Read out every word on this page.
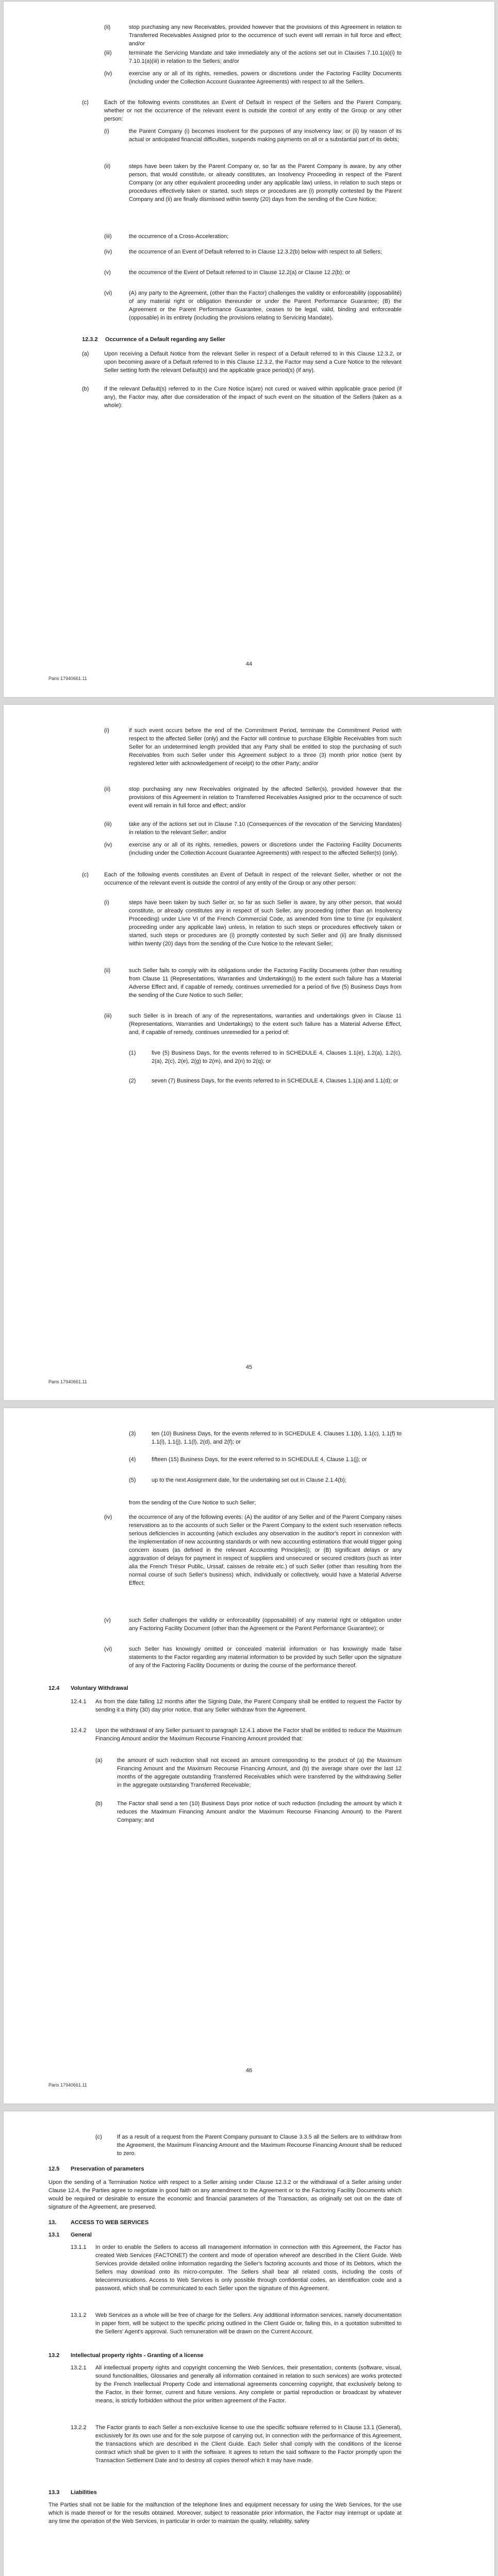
(ii)	stop purchasing any new Receivables, provided however that the provisions of this Agreement in relation to Transferred Receivables Assigned prior to the occurrence of such event will remain in full force and effect; and/or
(iii)	terminate the Servicing Mandate and take immediately any of the actions set out in Clauses 7.10.1(a)(i) to 7.10.1(a)(iii) in relation to the Sellers; and/or
(iv)	exercise any or all of its rights, remedies, powers or discretions under the Factoring Facility Documents (including under the Collection Account Guarantee Agreements) with respect to all the Sellers.
(c)	Each of the following events constitutes an Event of Default in respect of the Sellers and the Parent Company, whether or not the occurrence of the relevant event is outside the control of any entity of the Group or any other person:
(i)	the Parent Company (i) becomes insolvent for the purposes of any insolvency law; or (ii) by reason of its actual or anticipated financial difficulties, suspends making payments on all or a substantial part of its debts;
(ii)	steps have been taken by the Parent Company or, so far as the Parent Company is aware, by any other person, that would constitute, or already constitutes, an Insolvency Proceeding in respect of the Parent Company (or any other equivalent proceeding under any applicable law) unless, in relation to such steps or procedures effectively taken or started, such steps or procedures are (i) promptly contested by the Parent Company and (ii) are finally dismissed within twenty (20) days from the sending of the Cure Notice;
(iii)	the occurrence of a Cross-Acceleration;
(iv)	the occurrence of an Event of Default referred to in Clause 12.3.2(b) below with respect to all Sellers;
(v)	the occurrence of the Event of Default referred to in Clause 12.2(a) or Clause 12.2(b); or
(vi)	(A) any party to the Agreement, (other than the Factor) challenges the validity or enforceability (opposabilité) of any material right or obligation thereunder or under the Parent Performance Guarantee; (B) the Agreement or the Parent Performance Guarantee, ceases to be legal, valid, binding and enforceable (opposable) in its entirety (including the provisions relating to Servicing Mandate).
12.3.2 Occurrence of a Default regarding any Seller
(a)	Upon receiving a Default Notice from the relevant Seller in respect of a Default referred to in this Clause 12.3.2, or upon becoming aware of a Default referred to in this Clause 12.3.2, the Factor may send a Cure Notice to the relevant Seller setting forth the relevant Default(s) and the applicable grace period(s) (if any).
(b)	If the relevant Default(s) referred to in the Cure Notice is(are) not cured or waived within applicable grace period (if any), the Factor may, after due consideration of the impact of such event on the situation of the Sellers (taken as a whole):
44
Paris 17940661.11
(i)	if such event occurs before the end of the Commitment Period, terminate the Commitment Period with respect to the affected Seller (only) and the Factor will continue to purchase Eligible Receivables from such Seller for an undetermined length provided that any Party shall be entitled to stop the purchasing of such Receivables from such Seller under this Agreement subject to a three (3) month prior notice (sent by registered letter with acknowledgement of receipt) to the other Party; and/or
(ii)	stop purchasing any new Receivables originated by the affected Seller(s), provided however that the provisions of this Agreement in relation to Transferred Receivables Assigned prior to the occurrence of such event will remain in full force and effect; and/or
(iii)	take any of the actions set out in Clause 7.10 (Consequences of the revocation of the Servicing Mandates) in relation to the relevant Seller; and/or
(iv)	exercise any or all of its rights, remedies, powers or discretions under the Factoring Facility Documents (including under the Collection Account Guarantee Agreements) with respect to the affected Seller(s) (only).
(c)	Each of the following events constitutes an Event of Default in respect of the relevant Seller, whether or not the occurrence of the relevant event is outside the control of any entity of the Group or any other person:
(i)	steps have been taken by such Seller or, so far as such Seller is aware, by any other person, that would constitute, or already constitutes any in respect of such Seller, any proceeding (other than an Insolvency Proceeding) under Livre VI of the French Commercial Code, as amended from time to time (or equivalent proceeding under any applicable law) unless, in relation to such steps or procedures effectively taken or started, such steps or procedures are (i) promptly contested by such Seller and (ii) are finally dismissed within twenty (20) days from the sending of the Cure Notice to the relevant Seller;
(ii)	such Seller fails to comply with its obligations under the Factoring Facility Documents (other than resulting from Clause 11 (Representations, Warranties and Undertakings)) to the extent such failure has a Material Adverse Effect and, if capable of remedy, continues unremedied for a period of five (5) Business Days from the sending of the Cure Notice to such Seller;
(iii)	such Seller is in breach of any of the representations, warranties and undertakings given in Clause 11 (Representations, Warranties and Undertakings) to the extent such failure has a Material Adverse Effect, and, if capable of remedy, continues unremedied for a period of:
(1)	five (5) Business Days, for the events referred to in SCHEDULE 4, Clauses 1.1(e), 1.2(a), 1.2(c), 2(a), 2(c), 2(e), 2(g) to 2(m), and 2(n) to 2(q); or
(2)	seven (7) Business Days, for the events referred to in SCHEDULE 4, Clauses 1.1(a) and 1.1(d); or
45
Paris 17940661.11
(3)	ten (10) Business Days, for the events referred to in SCHEDULE 4, Clauses 1.1(b), 1.1(c), 1.1(f) to 1.1(i), 1.1(j), 1.1(l), 2(d), and 2(f); or
(4)	fifteen (15) Business Days, for the event referred to in SCHEDULE 4, Clause 1.1(j); or
(5)	up to the next Assignment date, for the undertaking set out in Clause 2.1.4(b);
from the sending of the Cure Notice to such Seller;
(iv)	the occurrence of any of the following events: (A) the auditor of any Seller and of the Parent Company raises reservations as to the accounts of such Seller or the Parent Company to the extent such reservation reflects serious deficiencies in accounting (which excludes any observation in the auditor's report in connexion with the implementation of new accounting standards or with new accounting estimations that would trigger going concern issues (as defined in the relevant Accounting Principles)); or (B) significant delays or any aggravation of delays for payment in respect of suppliers and unsecured or secured creditors (such as inter alia the French Trésor Public, Urssaf, caisses de retraite etc.) of such Seller (other than resulting from the normal course of such Seller's business) which, individually or collectively, would have a Material Adverse Effect;
(v)	such Seller challenges the validity or enforceability (opposabilité) of any material right or obligation under any Factoring Facility Document (other than the Agreement or the Parent Performance Guarantee); or
(vi)	such Seller has knowingly omitted or concealed material information or has knowingly made false statements to the Factor regarding any material information to be provided by such Seller upon the signature of any of the Factoring Facility Documents or during the course of the performance thereof.
12.4 Voluntary Withdrawal
12.4.1 As from the date falling 12 months after the Signing Date, the Parent Company shall be entitled to request the Factor by sending it a thirty (30) day prior notice, that any Seller withdraw from the Agreement.
12.4.2 Upon the withdrawal of any Seller pursuant to paragraph 12.4.1 above the Factor shall be entitled to reduce the Maximum Financing Amount and/or the Maximum Recourse Financing Amount provided that:
(a)	the amount of such reduction shall not exceed an amount corresponding to the product of (a) the Maximum Financing Amount and the Maximum Recourse Financing Amount, and (b) the average share over the last 12 months of the aggregate outstanding Transferred Receivables which were transferred by the withdrawing Seller in the aggregate outstanding Transferred Receivable;
(b)	The Factor shall send a ten (10) Business Days prior notice of such reduction (including the amount by which it reduces the Maximum Financing Amount and/or the Maximum Recourse Financing Amount) to the Parent Company; and
46
Paris 17940661.11
(c)	If as a result of a request from the Parent Company pursuant to Clause 3.3.5 all the Sellers are to withdraw from the Agreement, the Maximum Financing Amount and the Maximum Recourse Financing Amount shall be reduced to zero.
12.5 Preservation of parameters
Upon the sending of a Termination Notice with respect to a Seller arising under Clause 12.3.2 or the withdrawal of a Seller arising under Clause 12.4, the Parties agree to negotiate in good faith on any amendment to the Agreement or to the Factoring Facility Documents which would be required or desirable to ensure the economic and financial parameters of the Transaction, as originally set out on the date of signature of the Agreement, are preserved.
13.	ACCESS TO WEB SERVICES
13.1 General
13.1.1 In order to enable the Sellers to access all management information in connection with this Agreement, the Factor has created Web Services (FACTONET) the content and mode of operation whereof are described in the Client Guide. Web Services provide detailed online information regarding the Seller's factoring accounts and those of its Debtors, which the Sellers may download onto its micro-computer. The Sellers shall bear all related costs, including the costs of telecommunications. Access to Web Services is only possible through confidential codes, an identification code and a password, which shall be communicated to each Seller upon the signature of this Agreement.
13.1.2 Web Services as a whole will be free of charge for the Sellers. Any additional information services, namely documentation in paper form, will be subject to the specific pricing outlined in the Client Guide or, failing this, in a quotation submitted to the Sellers' Agent's approval. Such remuneration will be drawn on the Current Account.
13.2 Intellectual property rights - Granting of a license
13.2.1 All intellectual property rights and copyright concerning the Web Services, their presentation, contents (software, visual, sound functionalities, Glossaries and generally all information contained in relation to such services) are works protected by the French Intellectual Property Code and international agreements concerning copyright, that exclusively belong to the Factor, in their former, current and future versions. Any complete or partial reproduction or broadcast by whatever means, is strictly forbidden without the prior written agreement of the Factor.
13.2.2 The Factor grants to each Seller a non-exclusive license to use the specific software referred to in Clause 13.1 (General), exclusively for its own use and for the sole purpose of carrying out, in connection with the performance of this Agreement, the transactions which are described in the Client Guide. Each Seller shall comply with the conditions of the license contract which shall be given to it with the software. It agrees to return the said software to the Factor promptly upon the Transaction Settlement Date and to destroy all copies thereof which it may have made.
13.3 Liabilities
The Parties shall not be liable for the malfunction of the telephone lines and equipment necessary for using the Web Services, for the use which is made thereof or for the results obtained. Moreover, subject to reasonable prior information, the Factor may interrupt or update at any time the operation of the Web Services, in particular in order to maintain the quality, reliability, safety
